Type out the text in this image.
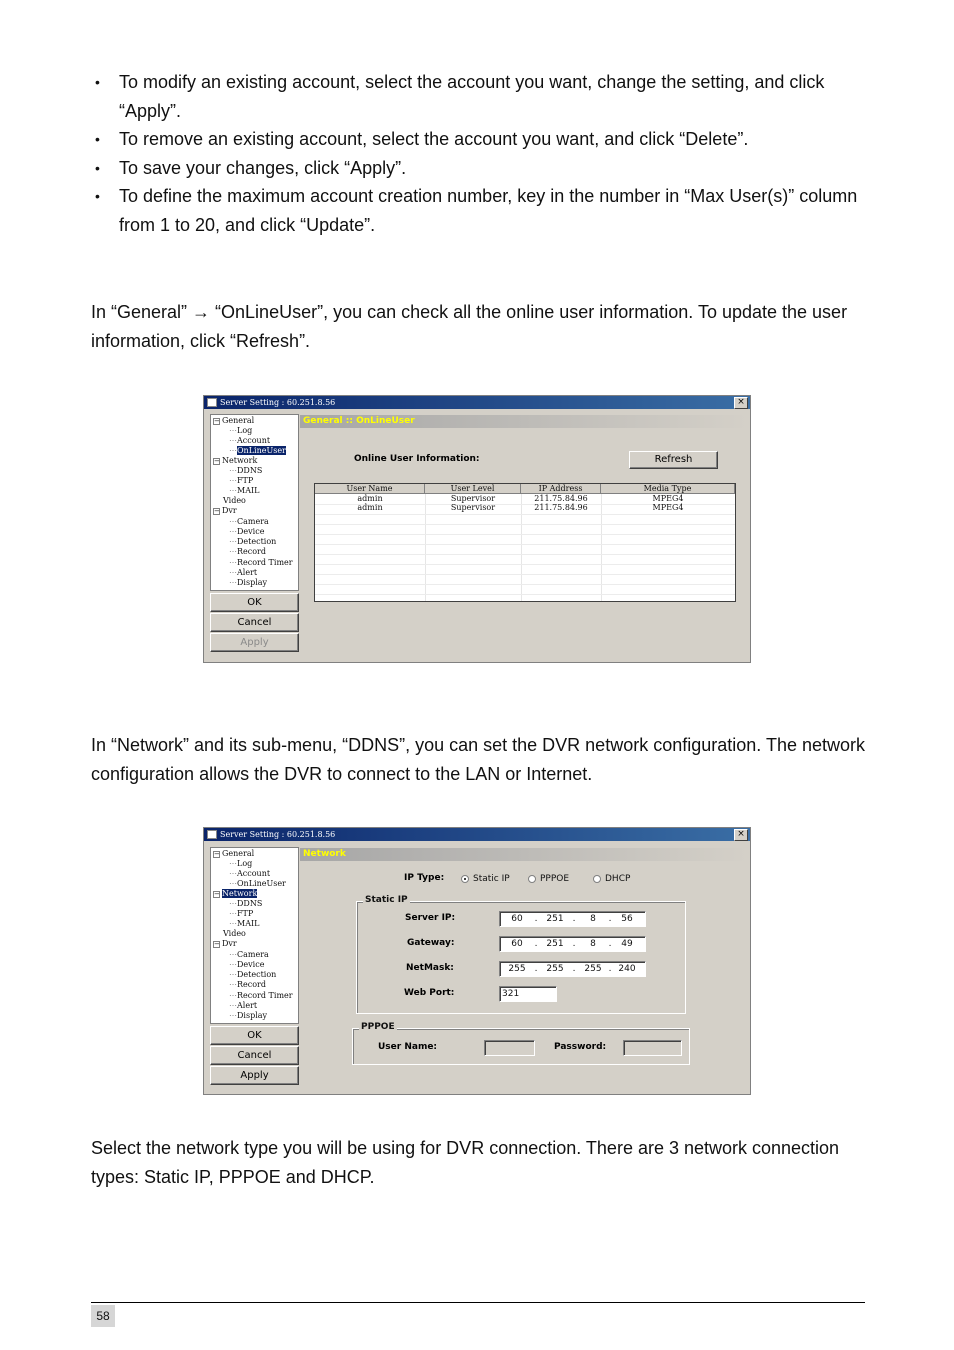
• To modify an existing account, select the account you want, change the setting, and click “Apply”.
• To remove an existing account, select the account you want, and click “Delete”.
• To save your changes, click “Apply”.
• To define the maximum account creation number, key in the number in “Max User(s)” column from 1 to 20, and click “Update”.
In “General” → “OnLineUser”, you can check all the online user information. To update the user information, click “Refresh”.
Server Setting : 60.251.8.56	×
− General
⋯Log
⋯Account
⋯OnLineUser
− Network
⋯DDNS
⋯FTP
⋯MAIL
Video
− Dvr
⋯Camera
⋯Device
⋯Detection
⋯Record
⋯Record Timer
⋯Alert
⋯Display
OK
Cancel
Apply
General :: OnLineUser
Online User Information:	Refresh
User Name	User Level	IP Address	Media Type
admin	Supervisor	211.75.84.96	MPEG4
admin	Supervisor	211.75.84.96	MPEG4
In “Network” and its sub-menu, “DDNS”, you can set the DVR network configuration. The network configuration allows the DVR to connect to the LAN or Internet.
Server Setting : 60.251.8.56	×
− General
⋯Log
⋯Account
⋯OnLineUser
− Network
⋯DDNS
⋯FTP
⋯MAIL
Video
− Dvr
⋯Camera
⋯Device
⋯Detection
⋯Record
⋯Record Timer
⋯Alert
⋯Display
OK
Cancel
Apply
Network
IP Type:	Static IP	PPPOE	DHCP
Static IP
Server IP:	60	. 251 .	8	.	56
Gateway:	60	. 251 .	8	.	49
NetMask:	255 . 255 . 255 . 240
Web Port:	321
PPPOE
User Name:	Password:
Select the network type you will be using for DVR connection. There are 3 network connection types: Static IP, PPPOE and DHCP.
58
